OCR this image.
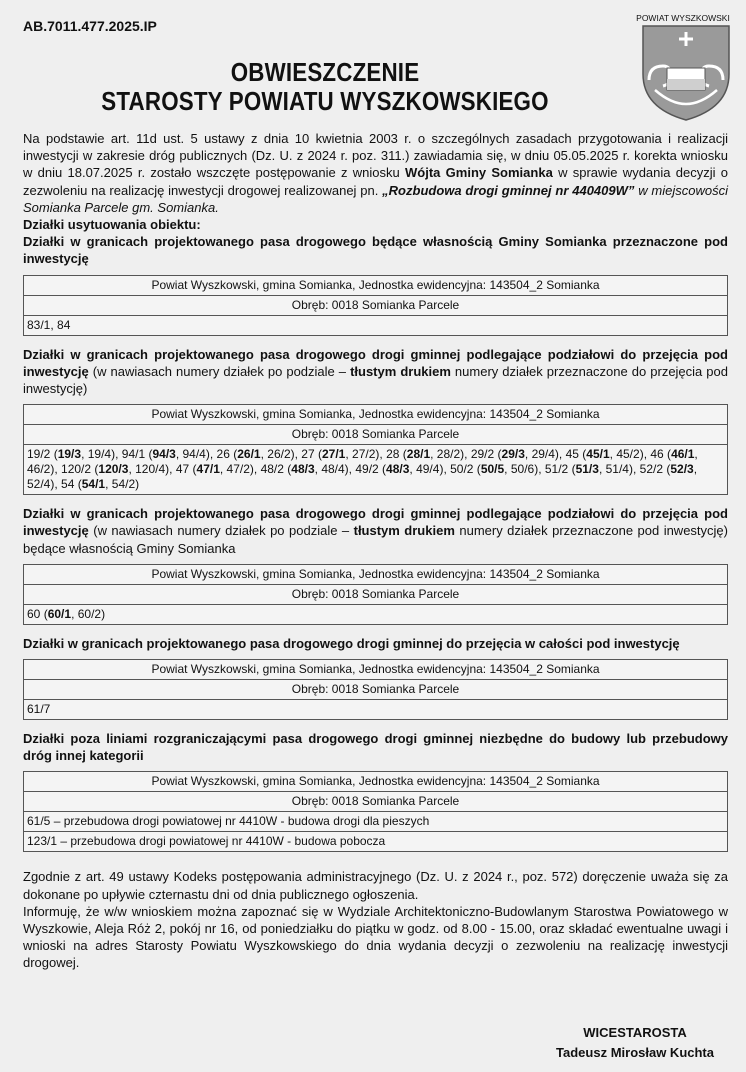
AB.7011.477.2025.IP	POWIAT WYSZKOWSKI
OBWIESZCZENIE
STAROSTY POWIATU WYSZKOWSKIEGO

Na podstawie art. 11d ust. 5 ustawy z dnia 10 kwietnia 2003 r. o szczególnych zasadach przygotowania i realizacji inwestycji w zakresie dróg publicznych (Dz. U. z 2024 r. poz. 311.) zawiadamia się, w dniu 05.05.2025 r. korekta wniosku w dniu 18.07.2025 r. zostało wszczęte postępowanie z wniosku Wójta Gminy Somianka w sprawie wydania decyzji o zezwoleniu na realizację inwestycji drogowej realizowanej pn. „Rozbudowa drogi gminnej nr 440409W” w miejscowości Somianka Parcele gm. Somianka.

Działki usytuowania obiektu:

Działki w granicach projektowanego pasa drogowego będące własnością Gminy Somianka przeznaczone pod inwestycję

Powiat Wyszkowski, gmina Somianka, Jednostka ewidencyjna: 143504_2 Somianka
Obręb: 0018 Somianka Parcele
83/1, 84

Działki w granicach projektowanego pasa drogowego drogi gminnej podlegające podziałowi do przejęcia pod inwestycję (w nawiasach numery działek po podziale – tłustym drukiem numery działek przeznaczone do przejęcia pod inwestycję)

Powiat Wyszkowski, gmina Somianka, Jednostka ewidencyjna: 143504_2 Somianka
Obręb: 0018 Somianka Parcele
19/2 (19/3, 19/4), 94/1 (94/3, 94/4), 26 (26/1, 26/2), 27 (27/1, 27/2), 28 (28/1, 28/2), 29/2 (29/3, 29/4), 45 (45/1, 45/2), 46 (46/1, 46/2), 120/2 (120/3, 120/4), 47 (47/1, 47/2), 48/2 (48/3, 48/4), 49/2 (48/3, 49/4), 50/2 (50/5, 50/6), 51/2 (51/3, 51/4), 52/2 (52/3, 52/4), 54 (54/1, 54/2)

Działki w granicach projektowanego pasa drogowego drogi gminnej podlegające podziałowi do przejęcia pod inwestycję (w nawiasach numery działek po podziale – tłustym drukiem numery działek przeznaczone pod inwestycję) będące własnością Gminy Somianka

Powiat Wyszkowski, gmina Somianka, Jednostka ewidencyjna: 143504_2 Somianka
Obręb: 0018 Somianka Parcele
60 (60/1, 60/2)

Działki w granicach projektowanego pasa drogowego drogi gminnej do przejęcia w całości pod inwestycję

Powiat Wyszkowski, gmina Somianka, Jednostka ewidencyjna: 143504_2 Somianka
Obręb: 0018 Somianka Parcele
61/7

Działki poza liniami rozgraniczającymi pasa drogowego drogi gminnej niezbędne do budowy lub przebudowy dróg innej kategorii

Powiat Wyszkowski, gmina Somianka, Jednostka ewidencyjna: 143504_2 Somianka
Obręb: 0018 Somianka Parcele
61/5 – przebudowa drogi powiatowej nr 4410W - budowa drogi dla pieszych
123/1 – przebudowa drogi powiatowej nr 4410W - budowa pobocza

Zgodnie z art. 49 ustawy Kodeks postępowania administracyjnego (Dz. U. z 2024 r., poz. 572) doręczenie uważa się za dokonane po upływie czternastu dni od dnia publicznego ogłoszenia.

Informuję, że w/w wnioskiem można zapoznać się w Wydziale Architektoniczno-Budowlanym Starostwa Powiatowego w Wyszkowie, Aleja Róż 2, pokój nr 16, od poniedziałku do piątku w godz. od 8.00 - 15.00, oraz składać ewentualne uwagi i wnioski na adres Starosty Powiatu Wyszkowskiego do dnia wydania decyzji o zezwoleniu na realizację inwestycji drogowej.

WICESTAROSTA
Tadeusz Mirosław Kuchta
